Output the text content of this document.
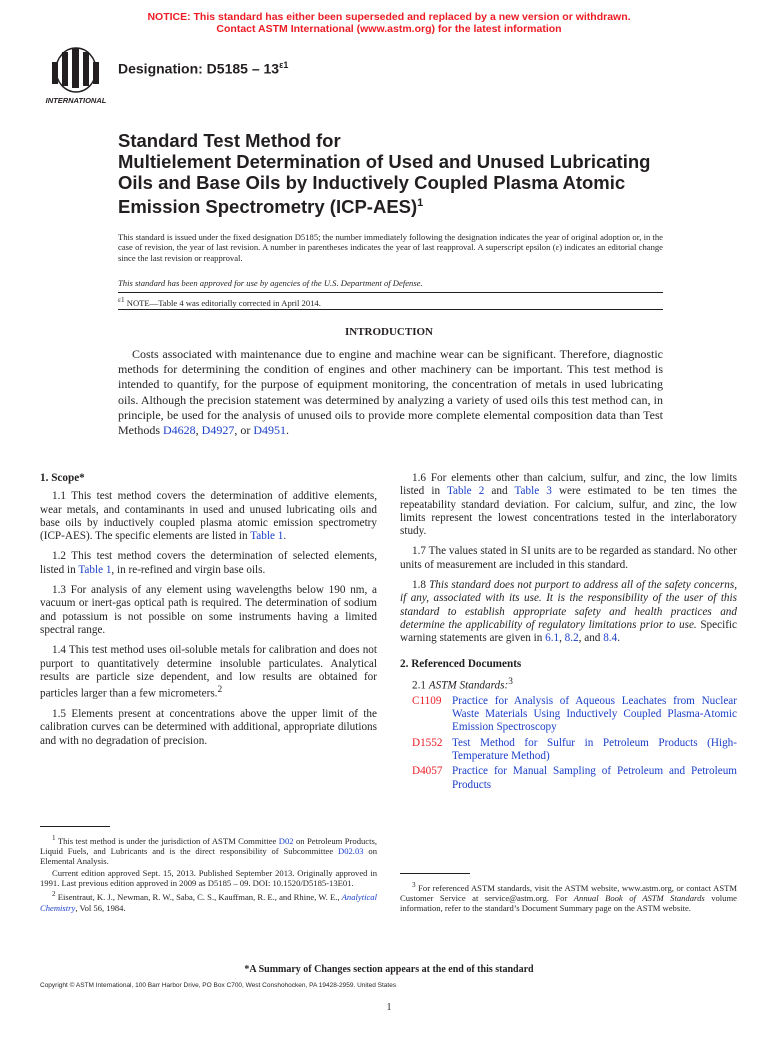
NOTICE: This standard has either been superseded and replaced by a new version or withdrawn.
Contact ASTM International (www.astm.org) for the latest information
INTERNATIONAL
Designation: $D5185 - 13^{\varepsilon 1}$
Standard Test Method for
Multielement Determination of Used and Unused Lubricating
Oils and Base Oils by Inductively Coupled Plasma Atomic
Emission Spectrometry $(ICP-AES)^1$
This standard is issued under the fixed designation D5185; the number immediately following the designation indicates the year of original adoption or, in the case of revision, the year of last revision. A number in parentheses indicates the year of last reapproval. A superscript epsilon (ε) indicates an editorial change since the last revision or reapproval.
This standard has been approved for use by agencies of the U.S. Department of Defense.
$^{\varepsilon 1}$ NOTE—Table 4 was editorially corrected in April 2014.
INTRODUCTION
Costs associated with maintenance due to engine and machine wear can be significant. Therefore, diagnostic methods for determining the condition of engines and other machinery can be important. This test method is intended to quantify, for the purpose of equipment monitoring, the concentration of metals in used lubricating oils. Although the precision statement was determined by analyzing a variety of used oils this test method can, in principle, be used for the analysis of unused oils to provide more complete elemental composition data than Test Methods D4628, D4927, or D4951.
1. Scope*

1.1 This test method covers the determination of additive elements, wear metals, and contaminants in used and unused lubricating oils and base oils by inductively coupled plasma atomic emission spectrometry (ICP-AES). The specific elements are listed in Table 1.

1.2 This test method covers the determination of selected elements, listed in Table 1, in re-refined and virgin base oils.

1.3 For analysis of any element using wavelengths below 190 nm, a vacuum or inert-gas optical path is required. The determination of sodium and potassium is not possible on some instruments having a limited spectral range.

1.4 This test method uses oil-soluble metals for calibration and does not purport to quantitatively determine insoluble particulates. Analytical results are particle size dependent, and low results are obtained for particles larger than a few micrometers.$^2$

1.5 Elements present at concentrations above the upper limit of the calibration curves can be determined with additional, appropriate dilutions and with no degradation of precision.

1.6 For elements other than calcium, sulfur, and zinc, the low limits listed in Table 2 and Table 3 were estimated to be ten times the repeatability standard deviation. For calcium, sulfur, and zinc, the low limits represent the lowest concentrations tested in the interlaboratory study.

1.7 The values stated in SI units are to be regarded as standard. No other units of measurement are included in this standard.

1.8 This standard does not purport to address all of the safety concerns, if any, associated with its use. It is the responsibility of the user of this standard to establish appropriate safety and health practices and determine the applicability of regulatory limitations prior to use. Specific warning statements are given in 6.1, 8.2, and 8.4.

2. Referenced Documents

2.1 ASTM Standards:$^3$

C1109 Practice for Analysis of Aqueous Leachates from Nuclear Waste Materials Using Inductively Coupled Plasma-Atomic Emission Spectroscopy
D1552 Test Method for Sulfur in Petroleum Products (High-Temperature Method)
D4057 Practice for Manual Sampling of Petroleum and Petroleum Products

$^1$ This test method is under the jurisdiction of ASTM Committee D02 on Petroleum Products, Liquid Fuels, and Lubricants and is the direct responsibility of Subcommittee D02.03 on Elemental Analysis.

Current edition approved Sept. 15, 2013. Published September 2013. Originally approved in 1991. Last previous edition approved in 2009 as D5185 – 09. DOI: 10.1520/D5185-13E01.

$^2$ Eisentraut, K. J., Newman, R. W., Saba, C. S., Kauffman, R. E., and Rhine, W. E., Analytical Chemistry, Vol 56, 1984.

$^3$ For referenced ASTM standards, visit the ASTM website, www.astm.org, or contact ASTM Customer Service at service@astm.org. For Annual Book of ASTM Standards volume information, refer to the standard’s Document Summary page on the ASTM website.

*A Summary of Changes section appears at the end of this standard
Copyright © ASTM International, 100 Barr Harbor Drive, PO Box C700, West Conshohocken, PA 19428-2959. United States
1
